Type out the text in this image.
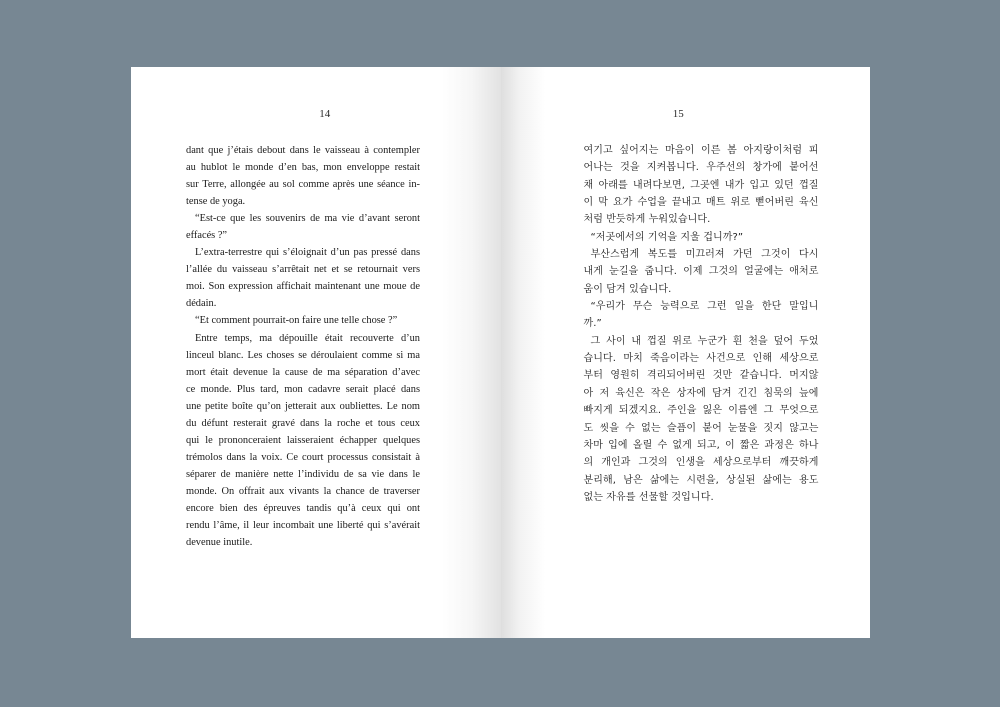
14
dant que j’étais debout dans le vaisseau à contempler
au hublot le monde d’en bas, mon enveloppe restait
sur Terre, allongée au sol comme après une séance in-
tense de yoga.
“Est-ce que les souvenirs de ma vie d’avant seront
effacés ?”
L’extra-terrestre qui s’éloignait d’un pas pressé dans
l’allée du vaisseau s’arrêtait net et se retournait vers
moi. Son expression affichait maintenant une moue de
dédain.
“Et comment pourrait-on faire une telle chose ?”
Entre temps, ma dépouille était recouverte d’un
linceul blanc. Les choses se déroulaient comme si ma
mort était devenue la cause de ma séparation d’avec
ce monde. Plus tard, mon cadavre serait placé dans
une petite boîte qu’on jetterait aux oubliettes. Le nom
du défunt resterait gravé dans la roche et tous ceux
qui le prononceraient laisseraient échapper quelques
trémolos dans la voix. Ce court processus consistait à
séparer de manière nette l’individu de sa vie dans le
monde. On offrait aux vivants la chance de traverser
encore bien des épreuves tandis qu’à ceux qui ont
rendu l’âme, il leur incombait une liberté qui s’avérait
devenue inutile.
15
여기고 싶어지는 마음이 이른 봄 아지랑이처럼 피
어나는 것을 지켜봅니다. 우주선의 창가에 붙어선
채 아래를 내려다보면, 그곳엔 내가 입고 있던 껍질
이 막 요가 수업을 끝내고 매트 위로 뻗어버린 육신
처럼 반듯하게 누워있습니다.
“저곳에서의 기억을 지울 겁니까?”
부산스럽게 복도를 미끄러져 가던 그것이 다시
내게 눈길을 줍니다. 이제 그것의 얼굴에는 애처로
움이 담겨 있습니다.
“우리가 무슨 능력으로 그런 일을 한단 말입니
까.”
그 사이 내 껍질 위로 누군가 흰 천을 덮어 두었
습니다. 마치 죽음이라는 사건으로 인해 세상으로
부터 영원히 격리되어버린 것만 같습니다. 머지않
아 저 육신은 작은 상자에 담겨 긴긴 침묵의 늪에
빠지게 되겠지요. 주인을 잃은 이름엔 그 무엇으로
도 씻을 수 없는 슬픔이 붙어 눈물을 짓지 않고는
차마 입에 올릴 수 없게 되고, 이 짧은 과정은 하나
의 개인과 그것의 인생을 세상으로부터 깨끗하게
분리해, 남은 삶에는 시련을, 상실된 삶에는 용도
없는 자유를 선물할 것입니다.
